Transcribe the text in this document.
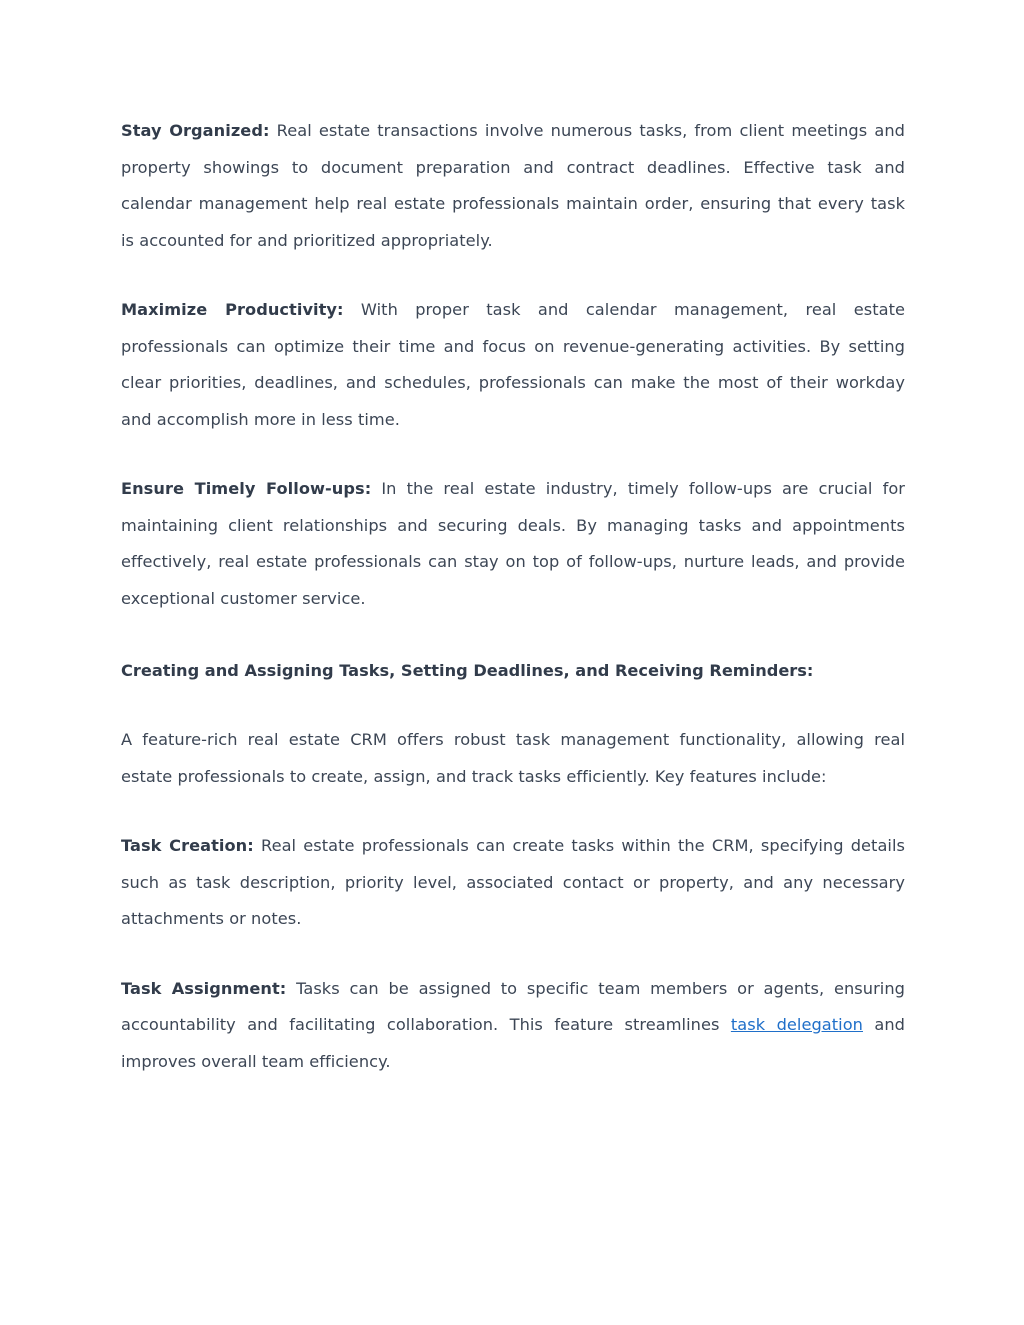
Stay Organized: Real estate transactions involve numerous tasks, from client meetings and property showings to document preparation and contract deadlines. Effective task and calendar management help real estate professionals maintain order, ensuring that every task is accounted for and prioritized appropriately.

Maximize Productivity: With proper task and calendar management, real estate professionals can optimize their time and focus on revenue-generating activities. By setting clear priorities, deadlines, and schedules, professionals can make the most of their workday and accomplish more in less time.

Ensure Timely Follow-ups: In the real estate industry, timely follow-ups are crucial for maintaining client relationships and securing deals. By managing tasks and appointments effectively, real estate professionals can stay on top of follow-ups, nurture leads, and provide exceptional customer service.

Creating and Assigning Tasks, Setting Deadlines, and Receiving Reminders:

A feature-rich real estate CRM offers robust task management functionality, allowing real estate professionals to create, assign, and track tasks efficiently. Key features include:

Task Creation: Real estate professionals can create tasks within the CRM, specifying details such as task description, priority level, associated contact or property, and any necessary attachments or notes.

Task Assignment: Tasks can be assigned to specific team members or agents, ensuring accountability and facilitating collaboration. This feature streamlines task delegation and improves overall team efficiency.
